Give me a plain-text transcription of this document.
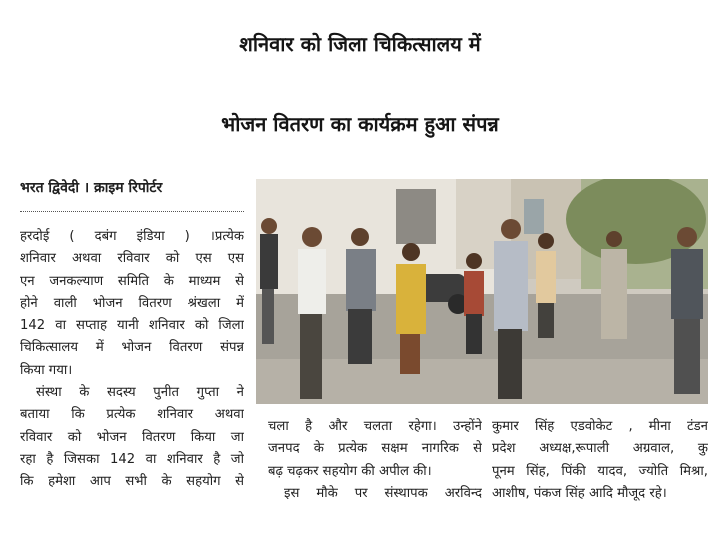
शनिवार को जिला चिकित्सालय में
भोजन वितरण का कार्यक्रम हुआ संपन्न
भरत द्विवेदी । क्राइम रिपोर्टर
हरदोई ( दबंग इंडिया ) ।प्रत्येक
शनिवार अथवा रविवार को एस एस
एन जनकल्याण समिति के माध्यम से
होने वाली भोजन वितरण श्रंखला में
142 वा सप्ताह यानी शनिवार को जिला
चिकित्सालय में भोजन वितरण संपन्न
किया गया।
संस्था के सदस्य पुनीत गुप्ता ने
बताया कि प्रत्येक शनिवार अथवा
रविवार को भोजन वितरण किया जा
रहा है जिसका 142 वा शनिवार है जो
कि हमेशा आप सभी के सहयोग से
चला है और चलता रहेगा। उन्होंने
जनपद के प्रत्येक सक्षम नागरिक से
बढ़ चढ़कर सहयोग की अपील की।
इस मौके पर संस्थापक अरविन्द
कुमार सिंह एडवोकेट , मीना टंडन
प्रदेश अध्यक्ष,रूपाली अग्रवाल, कु
पूनम सिंह, पिंकी यादव, ज्योति मिश्रा,
आशीष, पंकज सिंह आदि मौजूद रहे।
